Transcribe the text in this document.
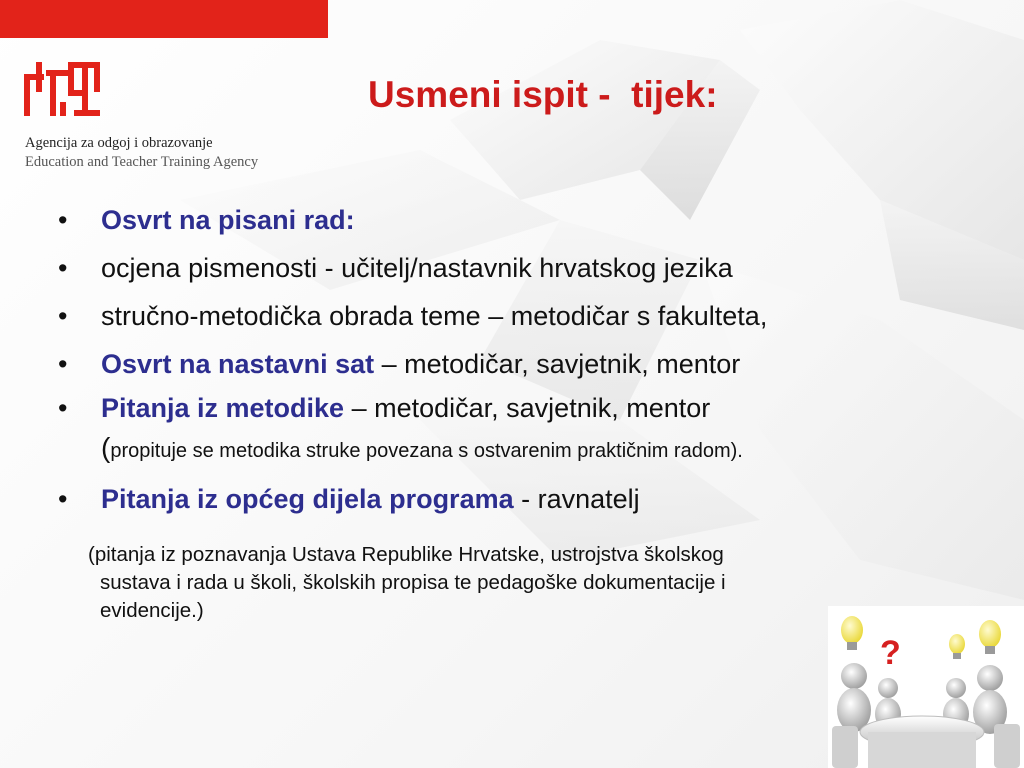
Agencija za odgoj i obrazovanje
Education and Teacher Training Agency
Usmeni ispit -  tijek:
• Osvrt na pisani rad:
• ocjena pismenosti - učitelj/nastavnik hrvatskog jezika
• stručno-metodička obrada teme – metodičar s fakulteta,
• Osvrt na nastavni sat – metodičar, savjetnik, mentor
• Pitanja iz metodike – metodičar, savjetnik, mentor
(propituje se metodika struke povezana s ostvarenim praktičnim radom).
• Pitanja iz općeg dijela programa - ravnatelj
(pitanja iz poznavanja Ustava Republike Hrvatske, ustrojstva školskog
sustava i rada u školi, školskih propisa te pedagoške dokumentacije i
evidencije.)
?
